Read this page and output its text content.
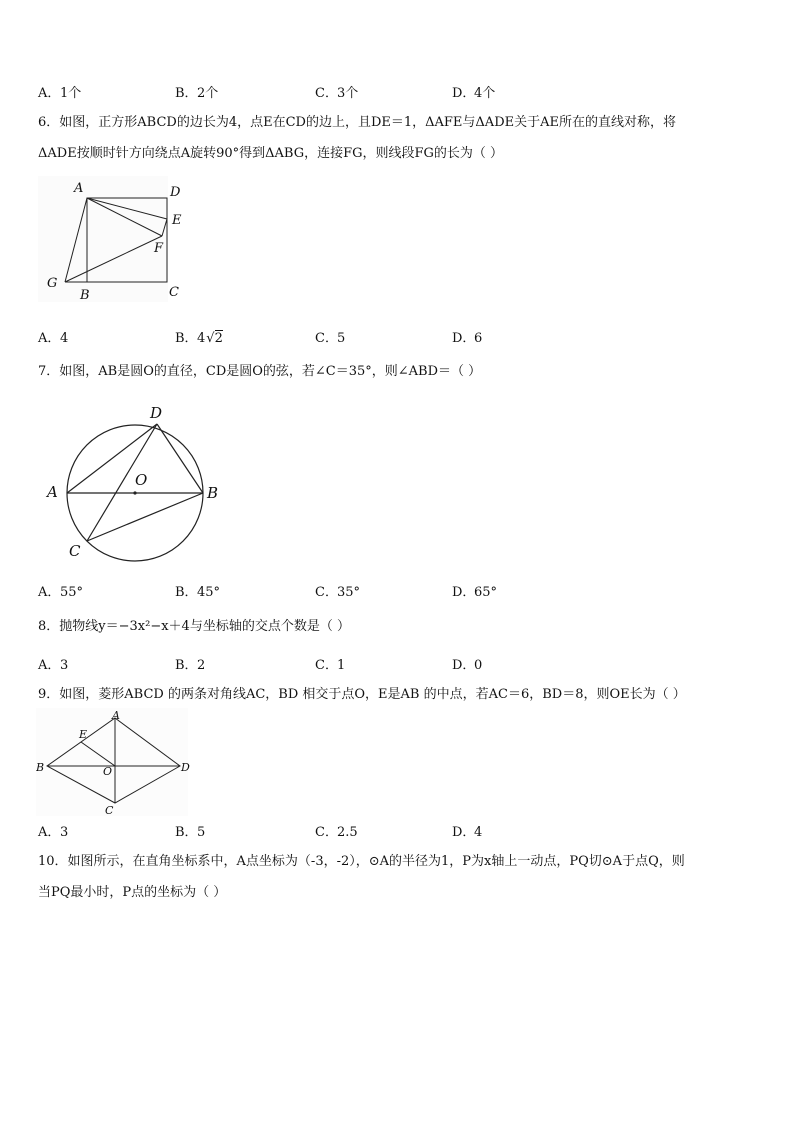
A．1个	B．2个	C．3个	D．4个
6．如图，正方形ABCD的边长为4，点E在CD的边上，且DE＝1，ΔAFE与ΔADE关于AE所在的直线对称，将
ΔADE按顺时针方向绕点A旋转90°得到ΔABG，连接FG，则线段FG的长为（ ）
A	D
E
F
G
B	C
A．4	B．4√
2	C．5	D．6
7．如图，AB是圆O的直径，CD是圆O的弦，若∠C＝35°，则∠ABD＝（ ）
D
O
A	B
C
A．55°	B．45°	C．35°	D．65°
8．抛物线y＝−3x²−x＋4与坐标轴的交点个数是（ ）
A．3	B．2	C．1	D．0
9．如图，菱形ABCD 的两条对角线AC，BD 相交于点O，E是AB 的中点，若AC＝6，BD＝8，则OE长为（ ）
A
E
B	O	D
C
A．3	B．5	C．2.5	D．4
10．如图所示，在直角坐标系中，A点坐标为（-3，-2），⊙A的半径为1，P为x轴上一动点，PQ切⊙A于点Q，则
当PQ最小时，P点的坐标为（ ）
